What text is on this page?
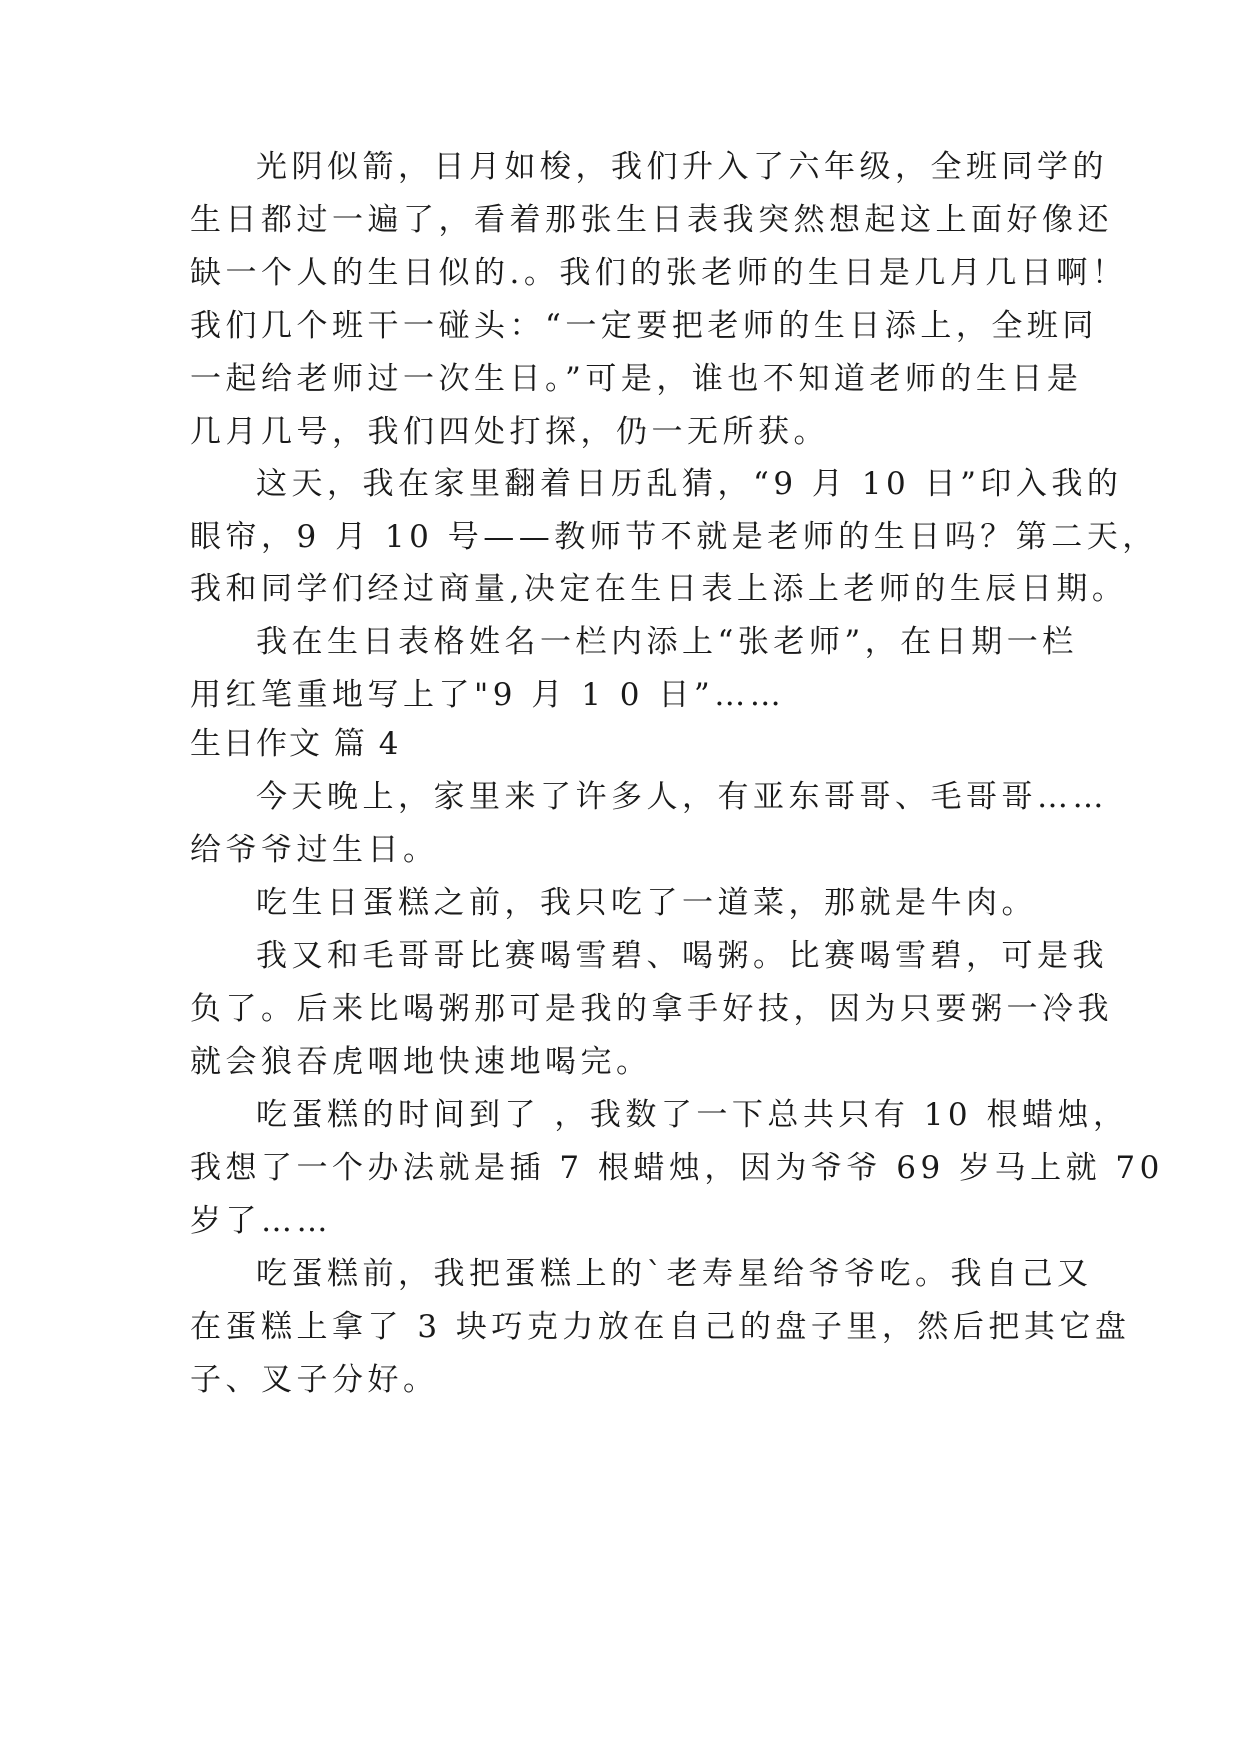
光阴似箭，日月如梭，我们升入了六年级，全班同学的
生日都过一遍了，看着那张生日表我突然想起这上面好像还
缺一个人的生日似的.。我们的张老师的生日是几月几日啊！
我们几个班干一碰头：“一定要把老师的生日添上，全班同
一起给老师过一次生日。”可是，谁也不知道老师的生日是
几月几号，我们四处打探，仍一无所获。
这天，我在家里翻着日历乱猜，“9 月 10 日”印入我的
眼帘，9 月 10 号——教师节不就是老师的生日吗？第二天，
我和同学们经过商量,决定在生日表上添上老师的生辰日期。
我在生日表格姓名一栏内添上“张老师”，在日期一栏
用红笔重地写上了"9 月 1 0 日”……
生日作文 篇 4
今天晚上，家里来了许多人，有亚东哥哥、毛哥哥……
给爷爷过生日。
吃生日蛋糕之前，我只吃了一道菜，那就是牛肉。
我又和毛哥哥比赛喝雪碧、喝粥。比赛喝雪碧，可是我
负了。后来比喝粥那可是我的拿手好技，因为只要粥一冷我
就会狼吞虎咽地快速地喝完。
吃蛋糕的时间到了 ，我数了一下总共只有 10 根蜡烛，
我想了一个办法就是插 7 根蜡烛，因为爷爷 69 岁马上就 70
岁了……
吃蛋糕前，我把蛋糕上的`老寿星给爷爷吃。我自己又
在蛋糕上拿了 3 块巧克力放在自己的盘子里，然后把其它盘
子、叉子分好。
